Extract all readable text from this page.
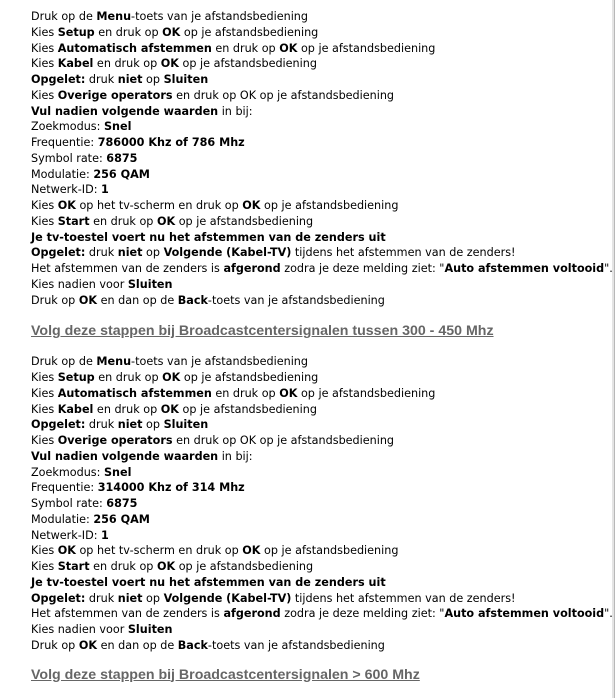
Druk op de Menu-toets van je afstandsbediening
Kies Setup en druk op OK op je afstandsbediening
Kies Automatisch afstemmen en druk op OK op je afstandsbediening
Kies Kabel en druk op OK op je afstandsbediening
Opgelet: druk niet op Sluiten
Kies Overige operators en druk op OK op je afstandsbediening
Vul nadien volgende waarden in bij:
Zoekmodus: Snel
Frequentie: 786000 Khz of 786 Mhz
Symbol rate: 6875
Modulatie: 256 QAM
Netwerk-ID: 1
Kies OK op het tv-scherm en druk op OK op je afstandsbediening
Kies Start en druk op OK op je afstandsbediening
Je tv-toestel voert nu het afstemmen van de zenders uit
Opgelet: druk niet op Volgende (Kabel-TV) tijdens het afstemmen van de zenders!
Het afstemmen van de zenders is afgerond zodra je deze melding ziet: "Auto afstemmen voltooid".
Kies nadien voor Sluiten
Druk op OK en dan op de Back-toets van je afstandsbediening
Volg deze stappen bij Broadcastcentersignalen tussen 300 - 450 Mhz
Druk op de Menu-toets van je afstandsbediening
Kies Setup en druk op OK op je afstandsbediening
Kies Automatisch afstemmen en druk op OK op je afstandsbediening
Kies Kabel en druk op OK op je afstandsbediening
Opgelet: druk niet op Sluiten
Kies Overige operators en druk op OK op je afstandsbediening
Vul nadien volgende waarden in bij:
Zoekmodus: Snel
Frequentie: 314000 Khz of 314 Mhz
Symbol rate: 6875
Modulatie: 256 QAM
Netwerk-ID: 1
Kies OK op het tv-scherm en druk op OK op je afstandsbediening
Kies Start en druk op OK op je afstandsbediening
Je tv-toestel voert nu het afstemmen van de zenders uit
Opgelet: druk niet op Volgende (Kabel-TV) tijdens het afstemmen van de zenders!
Het afstemmen van de zenders is afgerond zodra je deze melding ziet: "Auto afstemmen voltooid".
Kies nadien voor Sluiten
Druk op OK en dan op de Back-toets van je afstandsbediening
Volg deze stappen bij Broadcastcentersignalen > 600 Mhz
